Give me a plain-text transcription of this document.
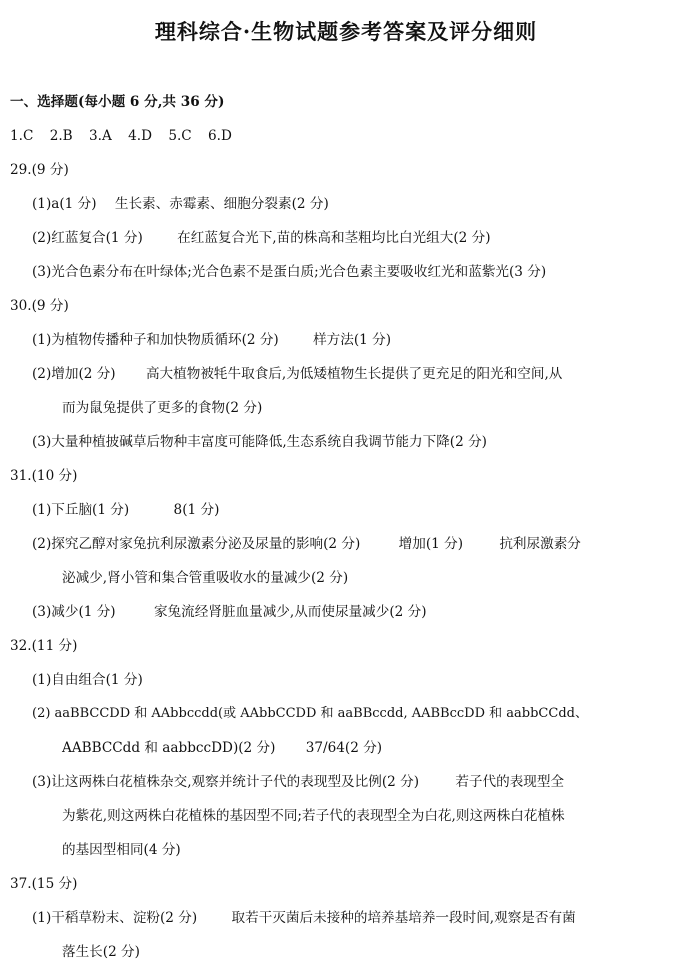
理科综合·生物试题参考答案及评分细则
一、选择题(每小题 6 分,共 36 分)
1.C 2.B 3.A 4.D 5.C 6.D
29.(9 分)
(1)a(1 分) 生长素、赤霉素、细胞分裂素(2 分)
(2)红蓝复合(1 分)	在红蓝复合光下,苗的株高和茎粗均比白光组大(2 分)
(3)光合色素分布在叶绿体;光合色素不是蛋白质;光合色素主要吸收红光和蓝紫光(3 分)
30.(9 分)
(1)为植物传播种子和加快物质循环(2 分)	样方法(1 分)
(2)增加(2 分) 高大植物被牦牛取食后,为低矮植物生长提供了更充足的阳光和空间,从
而为鼠兔提供了更多的食物(2 分)
(3)大量种植披碱草后物种丰富度可能降低,生态系统自我调节能力下降(2 分)
31.(10 分)
(1)下丘脑(1 分)	8(1 分)
(2)探究乙醇对家兔抗利尿激素分泌及尿量的影响(2 分)	增加(1 分)	抗利尿激素分
泌减少,肾小管和集合管重吸收水的量减少(2 分)
(3)减少(1 分)	家兔流经肾脏血量减少,从而使尿量减少(2 分)
32.(11 分)
(1)自由组合(1 分)
(2) aaBBCCDD 和 AAbbccdd(或 AAbbCCDD 和 aaBBccdd, AABBccDD 和 aabbCCdd、
AABBCCdd 和 aabbccDD)(2 分) 37/64(2 分)
(3)让这两株白花植株杂交,观察并统计子代的表现型及比例(2 分)	若子代的表现型全
为紫花,则这两株白花植株的基因型不同;若子代的表现型全为白花,则这两株白花植株
的基因型相同(4 分)
37.(15 分)
(1)干稻草粉末、淀粉(2 分)	取若干灭菌后未接种的培养基培养一段时间,观察是否有菌
落生长(2 分)
